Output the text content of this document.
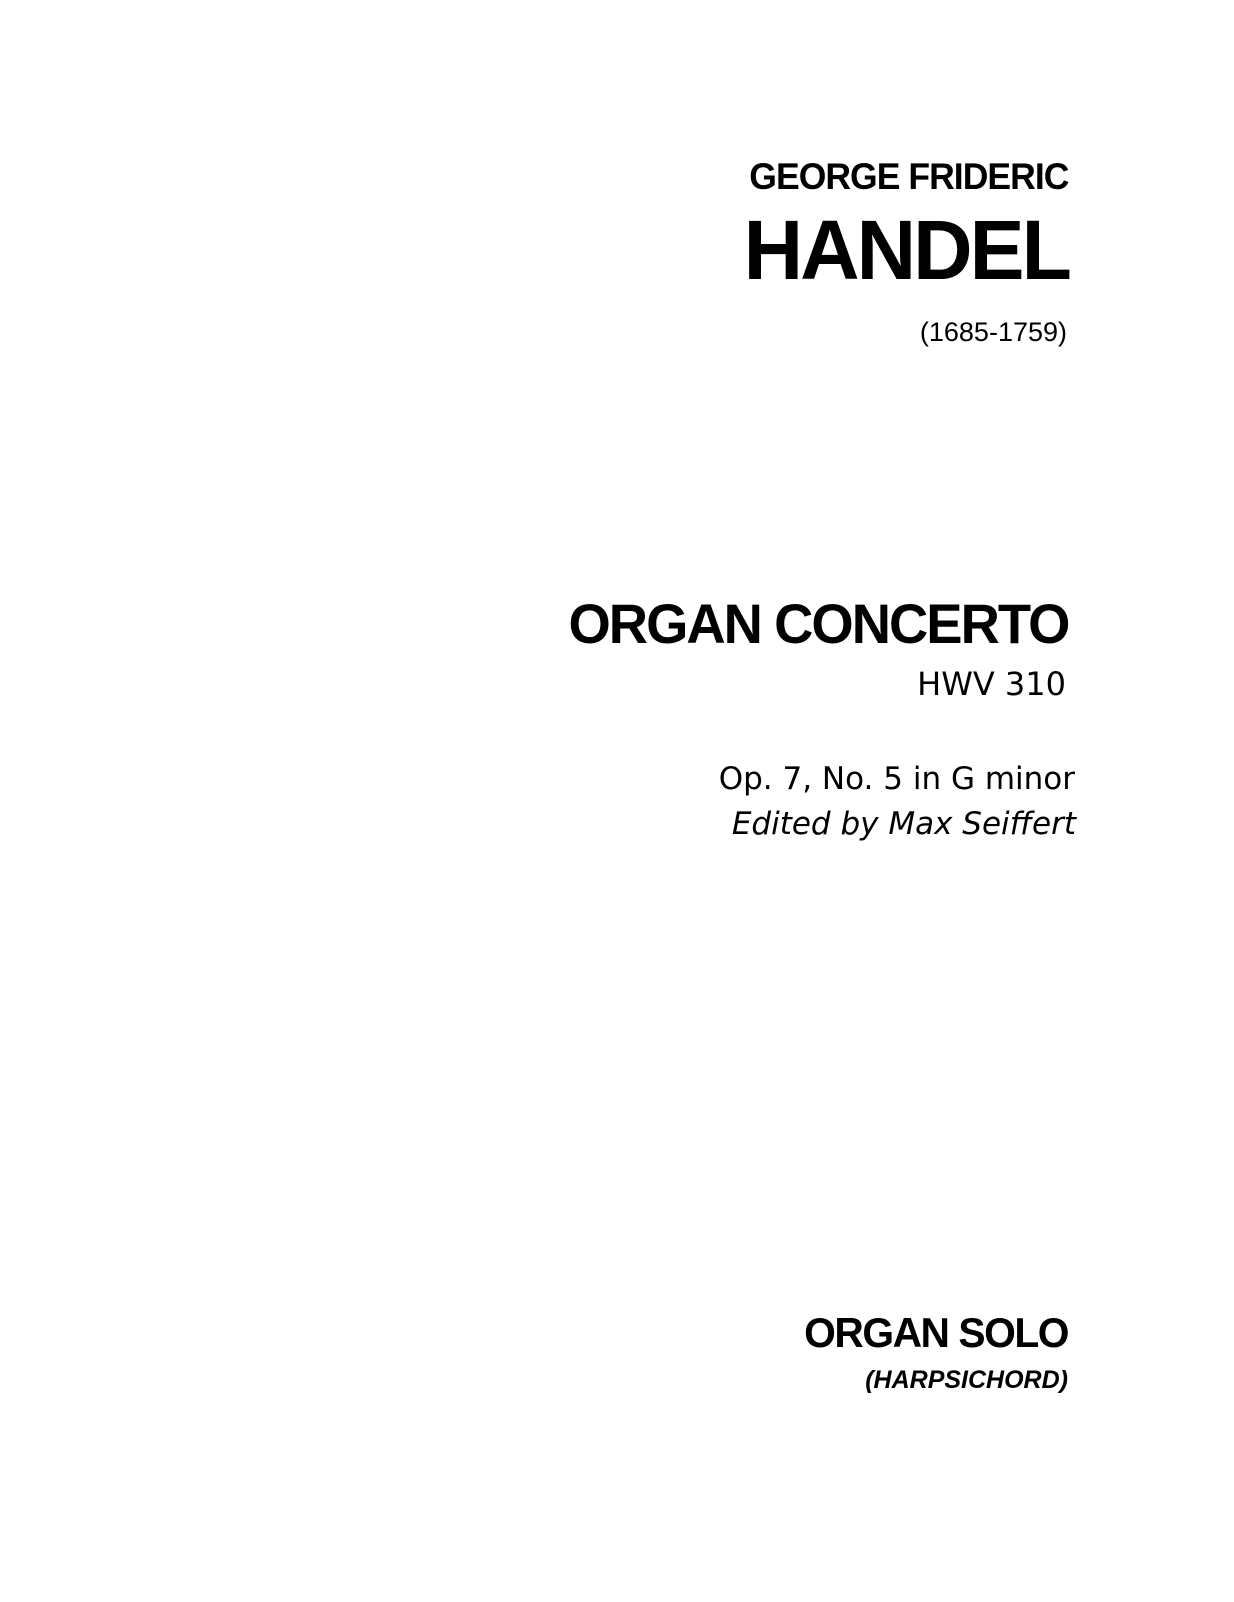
GEORGE FRIDERIC
HANDEL
(1685-1759)
ORGAN CONCERTO
HWV 310
Op. 7, No. 5 in G minor
Edited by Max Seiffert
ORGAN SOLO
(HARPSICHORD)
